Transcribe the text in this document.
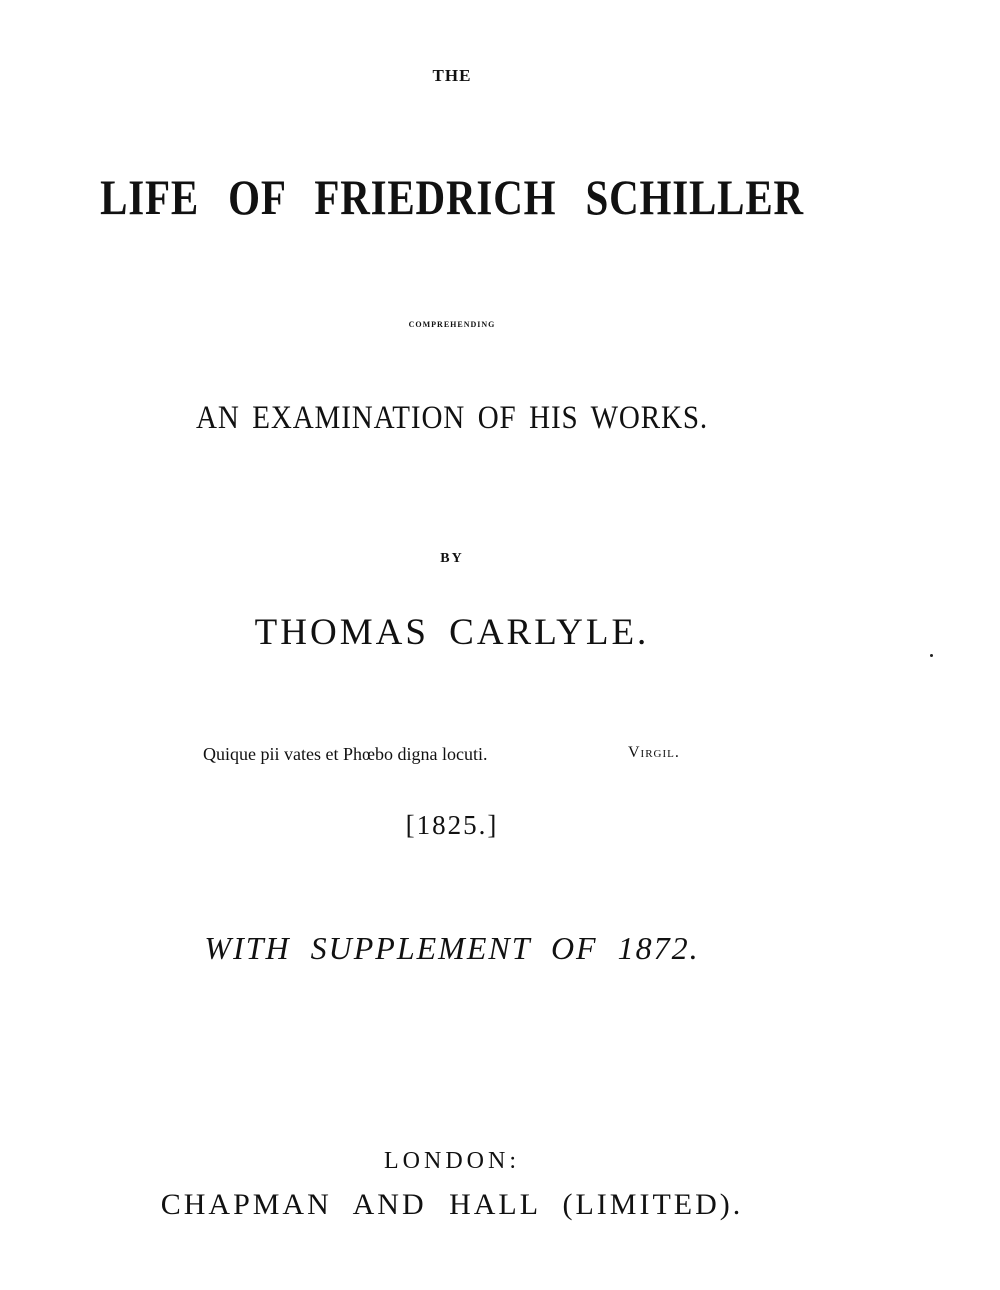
THE
LIFE OF FRIEDRICH SCHILLER
comprehending
AN EXAMINATION OF HIS WORKS.
BY
THOMAS CARLYLE.
Quique pii vates et Phœbo digna locuti.	Virgil.
[1825.]
WITH SUPPLEMENT OF 1872.
LONDON:
CHAPMAN AND HALL (LIMITED).
